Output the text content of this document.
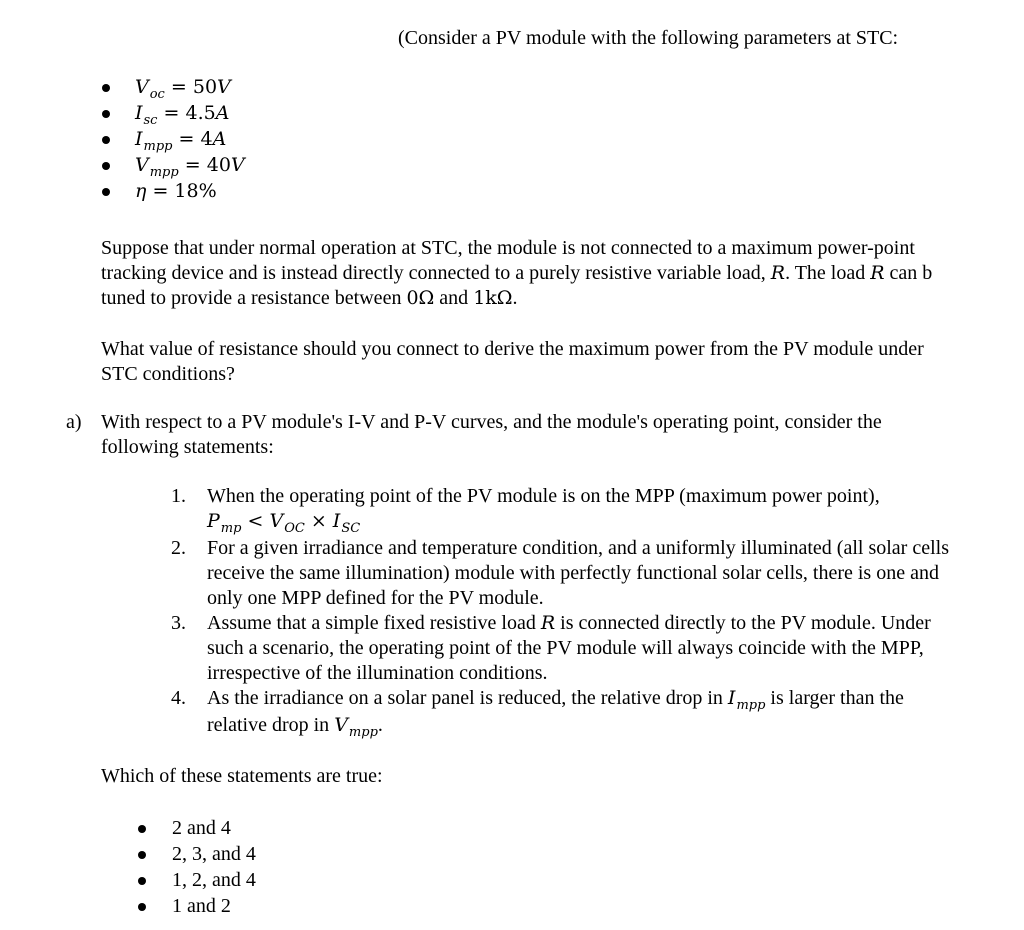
(Consider a PV module with the following parameters at STC:
$V_{oc} = 50V$
$I_{sc} = 4.5A$
$I_{mpp} = 4A$
$V_{mpp} = 40V$
η = 18%

Suppose that under normal operation at STC, the module is not connected to a maximum power-point tracking device and is instead directly connected to a purely resistive variable load, R. The load R can b tuned to provide a resistance between 0Ω and 1kΩ.

What value of resistance should you connect to derive the maximum power from the PV module under STC conditions?

a) With respect to a PV module's I-V and P-V curves, and the module's operating point, consider the following statements:
1. When the operating point of the PV module is on the MPP (maximum power point),
$P_{mp} < V_{OC} \times I_{SC}$
2. For a given irradiance and temperature condition, and a uniformly illuminated (all solar cells receive the same illumination) module with perfectly functional solar cells, there is one and only one MPP defined for the PV module.
3. Assume that a simple fixed resistive load R is connected directly to the PV module. Under such a scenario, the operating point of the PV module will always coincide with the MPP, irrespective of the illumination conditions.
4. As the irradiance on a solar panel is reduced, the relative drop in $I_{mpp}$ is larger than the relative drop in $V_{mpp}$.

Which of these statements are true:

2 and 4
2, 3, and 4
1, 2, and 4
1 and 2
